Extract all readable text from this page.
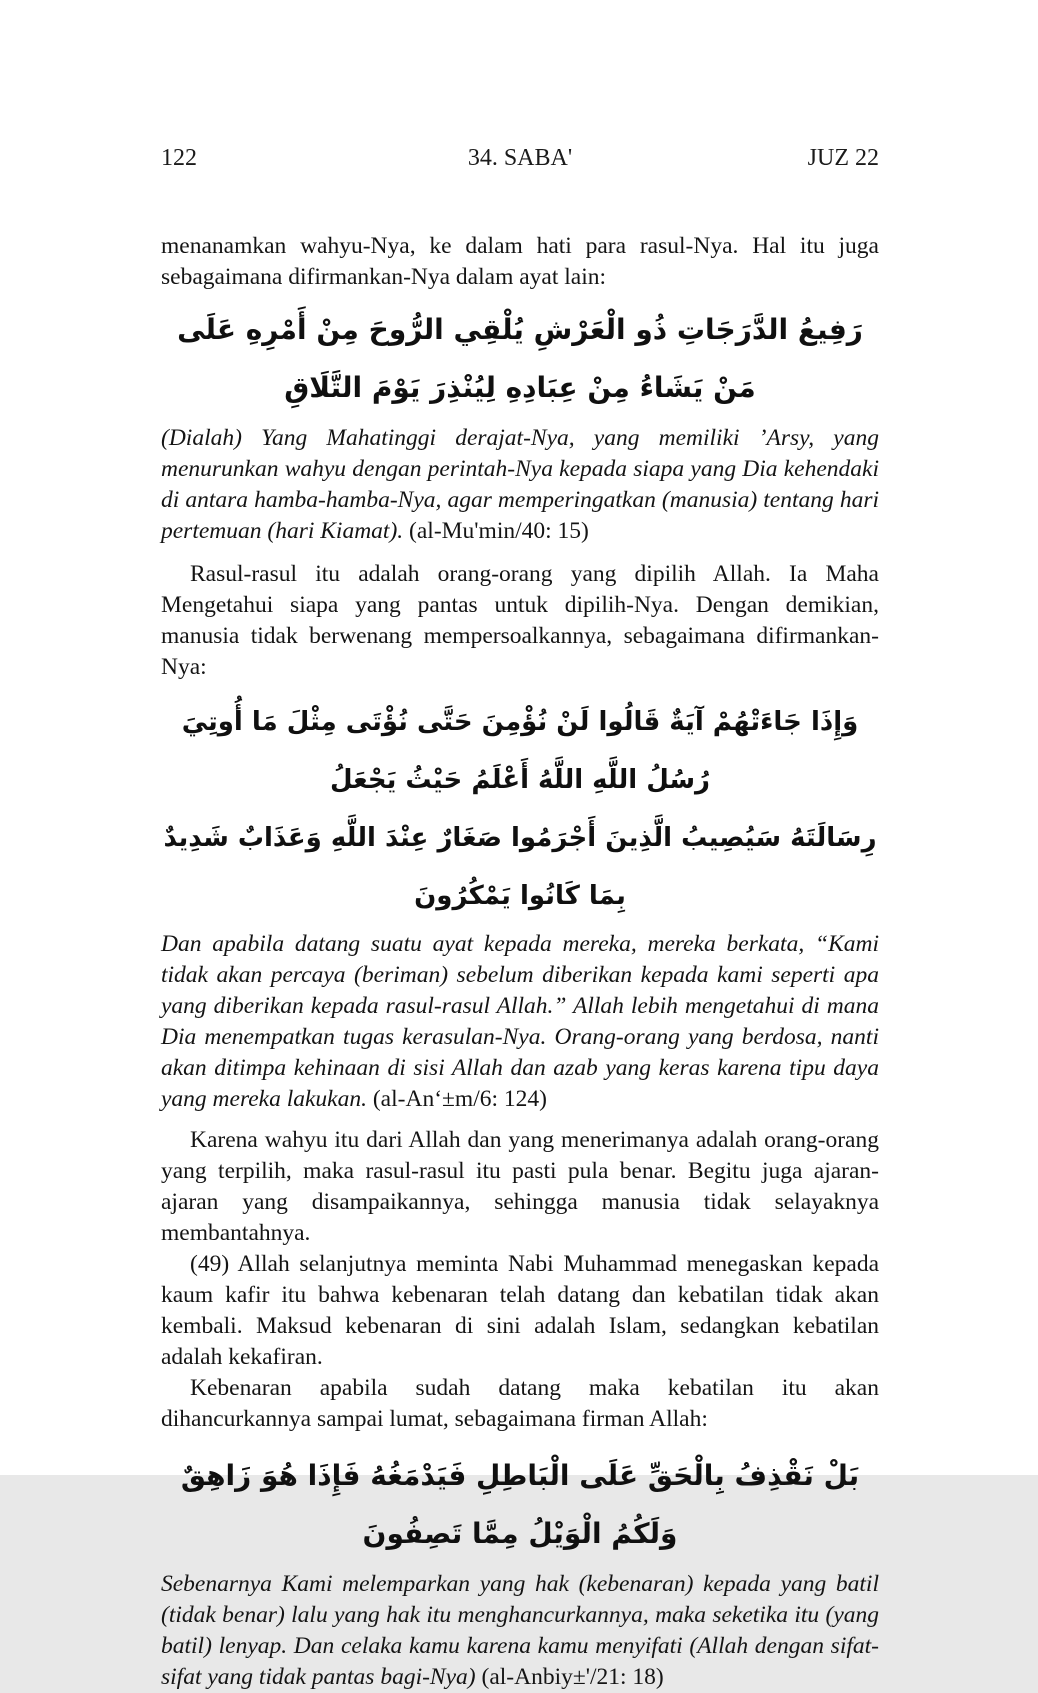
122	34. SABA'	JUZ 22

menanamkan wahyu-Nya, ke dalam hati para rasul-Nya. Hal itu juga sebagaimana difirmankan-Nya dalam ayat lain:

رَفِيعُ الدَّرَجَاتِ ذُو الْعَرْشِ يُلْقِي الرُّوحَ مِنْ أَمْرِهِ عَلَى مَنْ يَشَاءُ مِنْ عِبَادِهِ لِيُنْذِرَ يَوْمَ التَّلَاقِ

(Dialah) Yang Mahatinggi derajat-Nya, yang memiliki ’Arsy, yang menurunkan wahyu dengan perintah-Nya kepada siapa yang Dia kehendaki di antara hamba-hamba-Nya, agar memperingatkan (manusia) tentang hari pertemuan (hari Kiamat). (al-Mu'min/40: 15)

Rasul-rasul itu adalah orang-orang yang dipilih Allah. Ia Maha Mengetahui siapa yang pantas untuk dipilih-Nya. Dengan demikian, manusia tidak berwenang mempersoalkannya, sebagaimana difirmankan-Nya:

وَإِذَا جَاءَتْهُمْ آيَةٌ قَالُوا لَنْ نُؤْمِنَ حَتَّى نُؤْتَى مِثْلَ مَا أُوتِيَ رُسُلُ اللَّهِ اللَّهُ أَعْلَمُ حَيْثُ يَجْعَلُ
رِسَالَتَهُ سَيُصِيبُ الَّذِينَ أَجْرَمُوا صَغَارٌ عِنْدَ اللَّهِ وَعَذَابٌ شَدِيدٌ بِمَا كَانُوا يَمْكُرُونَ

Dan apabila datang suatu ayat kepada mereka, mereka berkata, “Kami tidak akan percaya (beriman) sebelum diberikan kepada kami seperti apa yang diberikan kepada rasul-rasul Allah.” Allah lebih mengetahui di mana Dia menempatkan tugas kerasulan-Nya. Orang-orang yang berdosa, nanti akan ditimpa kehinaan di sisi Allah dan azab yang keras karena tipu daya yang mereka lakukan. (al-An‘±m/6: 124)

Karena wahyu itu dari Allah dan yang menerimanya adalah orang-orang yang terpilih, maka rasul-rasul itu pasti pula benar. Begitu juga ajaran-ajaran yang disampaikannya, sehingga manusia tidak selayaknya membantahnya.

(49) Allah selanjutnya meminta Nabi Muhammad menegaskan kepada kaum kafir itu bahwa kebenaran telah datang dan kebatilan tidak akan kembali. Maksud kebenaran di sini adalah Islam, sedangkan kebatilan adalah kekafiran.

Kebenaran apabila sudah datang maka kebatilan itu akan dihancurkannya sampai lumat, sebagaimana firman Allah:

بَلْ نَقْذِفُ بِالْحَقِّ عَلَى الْبَاطِلِ فَيَدْمَغُهُ فَإِذَا هُوَ زَاهِقٌ وَلَكُمُ الْوَيْلُ مِمَّا تَصِفُونَ

Sebenarnya Kami melemparkan yang hak (kebenaran) kepada yang batil (tidak benar) lalu yang hak itu menghancurkannya, maka seketika itu (yang batil) lenyap. Dan celaka kamu karena kamu menyifati (Allah dengan sifat-sifat yang tidak pantas bagi-Nya) (al-Anbiy±'/21: 18)
